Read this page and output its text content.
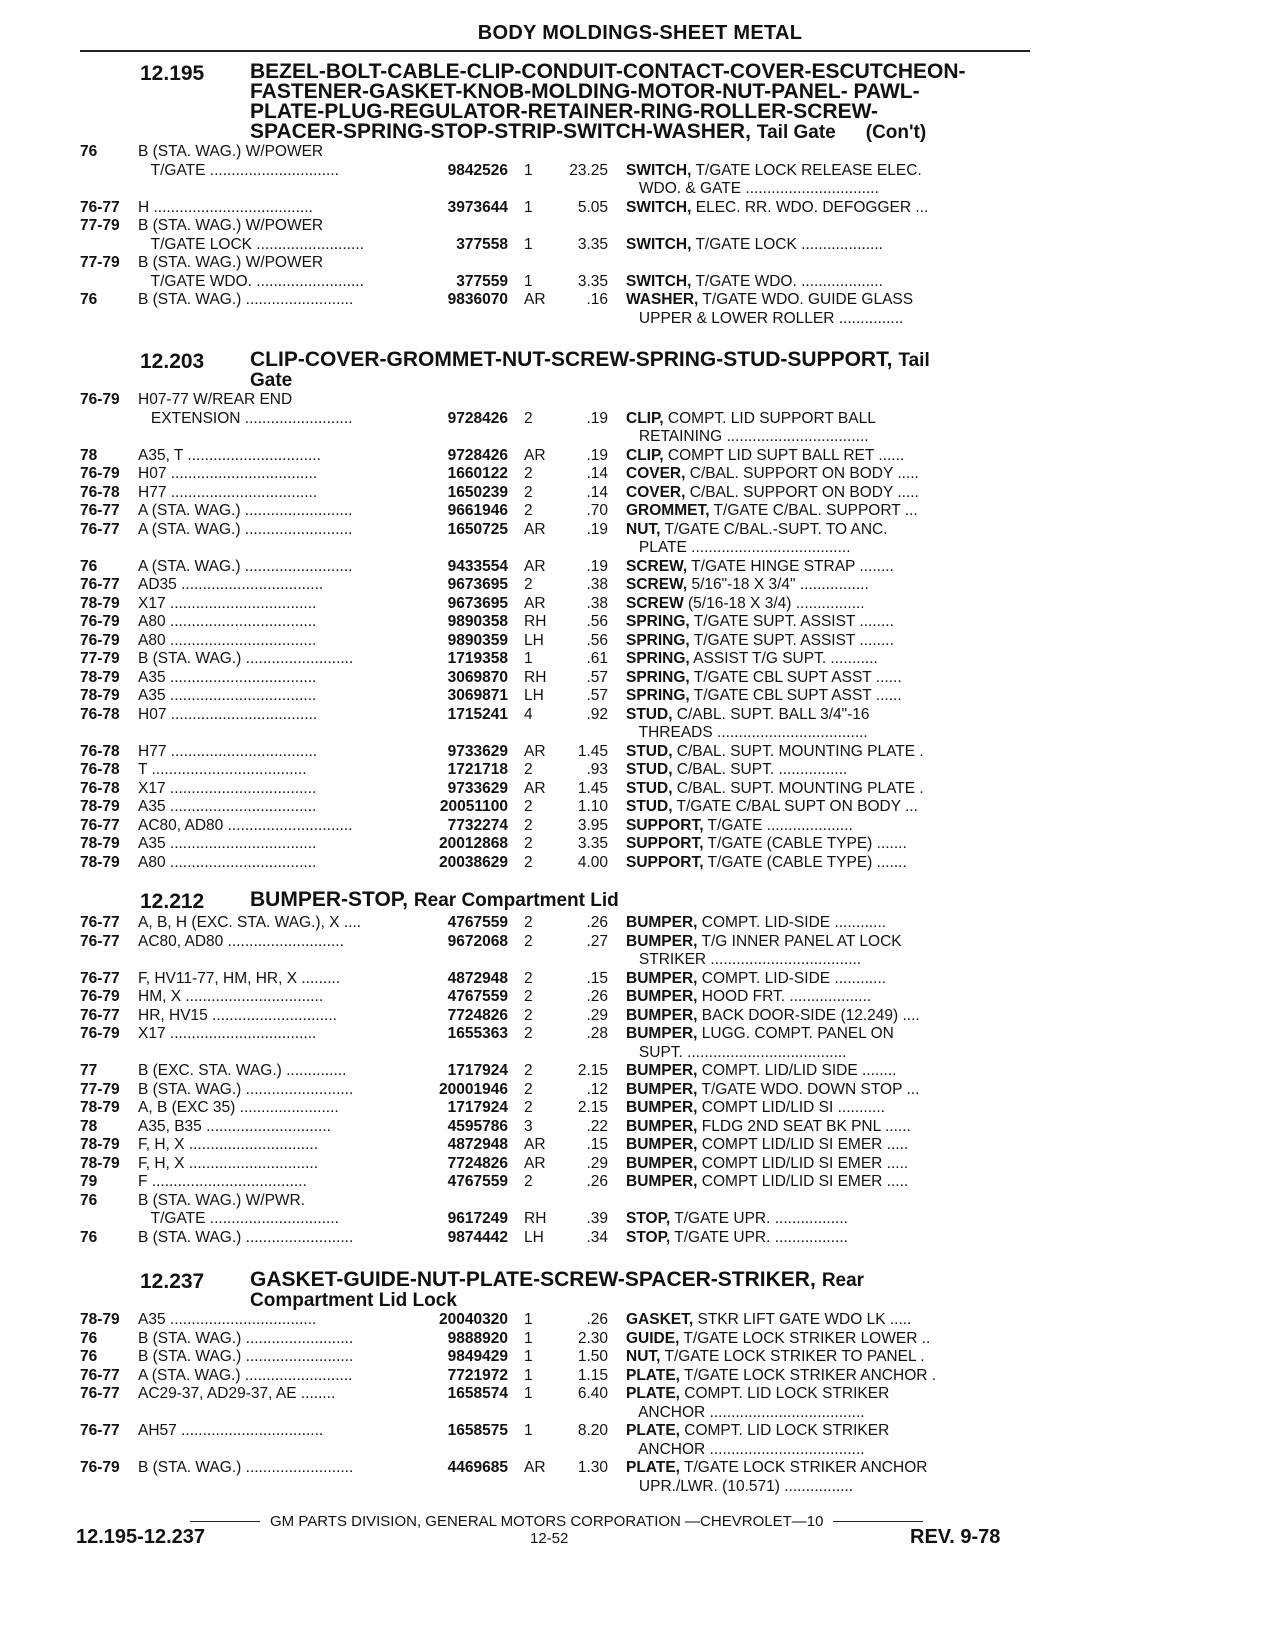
BODY MOLDINGS-SHEET METAL
12.195	BEZEL-BOLT-CABLE-CLIP-CONDUIT-CONTACT-COVER-ESCUTCHEON-
FASTENER-GASKET-KNOB-MOLDING-MOTOR-NUT-PANEL- PAWL-
PLATE-PLUG-REGULATOR-RETAINER-RING-ROLLER-SCREW-
SPACER-SPRING-STOP-STRIP-SWITCH-WASHER, Tail Gate (Con't)
76	B (STA. WAG.) W/POWER
T/GATE ..............................	9842526	1	23.25	SWITCH, T/GATE LOCK RELEASE ELEC.
WDO. & GATE ...............................
76-77	H .....................................	3973644	1	5.05	SWITCH, ELEC. RR. WDO. DEFOGGER ...
77-79	B (STA. WAG.) W/POWER
T/GATE LOCK .........................	377558	1	3.35	SWITCH, T/GATE LOCK ...................
77-79	B (STA. WAG.) W/POWER
T/GATE WDO. .........................	377559	1	3.35	SWITCH, T/GATE WDO. ...................
76	B (STA. WAG.) .........................	9836070	AR	.16	WASHER, T/GATE WDO. GUIDE GLASS
UPPER & LOWER ROLLER ...............
12.203	CLIP-COVER-GROMMET-NUT-SCREW-SPRING-STUD-SUPPORT, Tail
Gate
76-79	H07-77 W/REAR END
EXTENSION .........................	9728426	2	.19	CLIP, COMPT. LID SUPPORT BALL
RETAINING .................................
78	A35, T ...............................	9728426	AR	.19	CLIP, COMPT LID SUPT BALL RET ......
76-79	H07 ..................................	1660122	2	.14	COVER, C/BAL. SUPPORT ON BODY .....
76-78	H77 ..................................	1650239	2	.14	COVER, C/BAL. SUPPORT ON BODY .....
76-77	A (STA. WAG.) .........................	9661946	2	.70	GROMMET, T/GATE C/BAL. SUPPORT ...
76-77	A (STA. WAG.) .........................	1650725	AR	.19	NUT, T/GATE C/BAL.-SUPT. TO ANC.
PLATE .....................................
76	A (STA. WAG.) .........................	9433554	AR	.19	SCREW, T/GATE HINGE STRAP ........
76-77	AD35 .................................	9673695	2	.38	SCREW, 5/16"-18 X 3/4" ................
78-79	X17 ..................................	9673695	AR	.38	SCREW (5/16-18 X 3/4) ................
76-79	A80 ..................................	9890358	RH	.56	SPRING, T/GATE SUPT. ASSIST ........
76-79	A80 ..................................	9890359	LH	.56	SPRING, T/GATE SUPT. ASSIST ........
77-79	B (STA. WAG.) .........................	1719358	1	.61	SPRING, ASSIST T/G SUPT. ...........
78-79	A35 ..................................	3069870	RH	.57	SPRING, T/GATE CBL SUPT ASST ......
78-79	A35 ..................................	3069871	LH	.57	SPRING, T/GATE CBL SUPT ASST ......
76-78	H07 ..................................	1715241	4	.92	STUD, C/ABL. SUPT. BALL 3/4"-16
THREADS ...................................
76-78	H77 ..................................	9733629	AR	1.45	STUD, C/BAL. SUPT. MOUNTING PLATE .
76-78	T ....................................	1721718	2	.93	STUD, C/BAL. SUPT. ................
76-78	X17 ..................................	9733629	AR	1.45	STUD, C/BAL. SUPT. MOUNTING PLATE .
78-79	A35 ..................................	20051100	2	1.10	STUD, T/GATE C/BAL SUPT ON BODY ...
76-77	AC80, AD80 .............................	7732274	2	3.95	SUPPORT, T/GATE ....................
78-79	A35 ..................................	20012868	2	3.35	SUPPORT, T/GATE (CABLE TYPE) .......
78-79	A80 ..................................	20038629	2	4.00	SUPPORT, T/GATE (CABLE TYPE) .......
12.212	BUMPER-STOP, Rear Compartment Lid
76-77	A, B, H (EXC. STA. WAG.), X ....	4767559	2	.26	BUMPER, COMPT. LID-SIDE ............
76-77	AC80, AD80 ...........................	9672068	2	.27	BUMPER, T/G INNER PANEL AT LOCK
STRIKER ...................................
76-77	F, HV11-77, HM, HR, X .........	4872948	2	.15	BUMPER, COMPT. LID-SIDE ............
76-79	HM, X ................................	4767559	2	.26	BUMPER, HOOD FRT. ...................
76-77	HR, HV15 .............................	7724826	2	.29	BUMPER, BACK DOOR-SIDE (12.249) ....
76-79	X17 ..................................	1655363	2	.28	BUMPER, LUGG. COMPT. PANEL ON
SUPT. .....................................
77	B (EXC. STA. WAG.) ..............	1717924	2	2.15	BUMPER, COMPT. LID/LID SIDE ........
77-79	B (STA. WAG.) .........................	20001946	2	.12	BUMPER, T/GATE WDO. DOWN STOP ...
78-79	A, B (EXC 35) .......................	1717924	2	2.15	BUMPER, COMPT LID/LID SI ...........
78	A35, B35 .............................	4595786	3	.22	BUMPER, FLDG 2ND SEAT BK PNL ......
78-79	F, H, X ..............................	4872948	AR	.15	BUMPER, COMPT LID/LID SI EMER .....
78-79	F, H, X ..............................	7724826	AR	.29	BUMPER, COMPT LID/LID SI EMER .....
79	F ....................................	4767559	2	.26	BUMPER, COMPT LID/LID SI EMER .....
76	B (STA. WAG.) W/PWR.
T/GATE ..............................	9617249	RH	.39	STOP, T/GATE UPR. .................
76	B (STA. WAG.) .........................	9874442	LH	.34	STOP, T/GATE UPR. .................
12.237	GASKET-GUIDE-NUT-PLATE-SCREW-SPACER-STRIKER, Rear
Compartment Lid Lock
78-79	A35 ..................................	20040320	1	.26	GASKET, STKR LIFT GATE WDO LK .....
76	B (STA. WAG.) .........................	9888920	1	2.30	GUIDE, T/GATE LOCK STRIKER LOWER ..
76	B (STA. WAG.) .........................	9849429	1	1.50	NUT, T/GATE LOCK STRIKER TO PANEL .
76-77	A (STA. WAG.) .........................	7721972	1	1.15	PLATE, T/GATE LOCK STRIKER ANCHOR .
76-77	AC29-37, AD29-37, AE ........	1658574	1	6.40	PLATE, COMPT. LID LOCK STRIKER
ANCHOR ....................................
76-77	AH57 .................................	1658575	1	8.20	PLATE, COMPT. LID LOCK STRIKER
ANCHOR ....................................
76-79	B (STA. WAG.) .........................	4469685	AR	1.30	PLATE, T/GATE LOCK STRIKER ANCHOR
UPR./LWR. (10.571) ................
GM PARTS DIVISION, GENERAL MOTORS CORPORATION —CHEVROLET—10
12.195-12.237	12-52	REV. 9-78
